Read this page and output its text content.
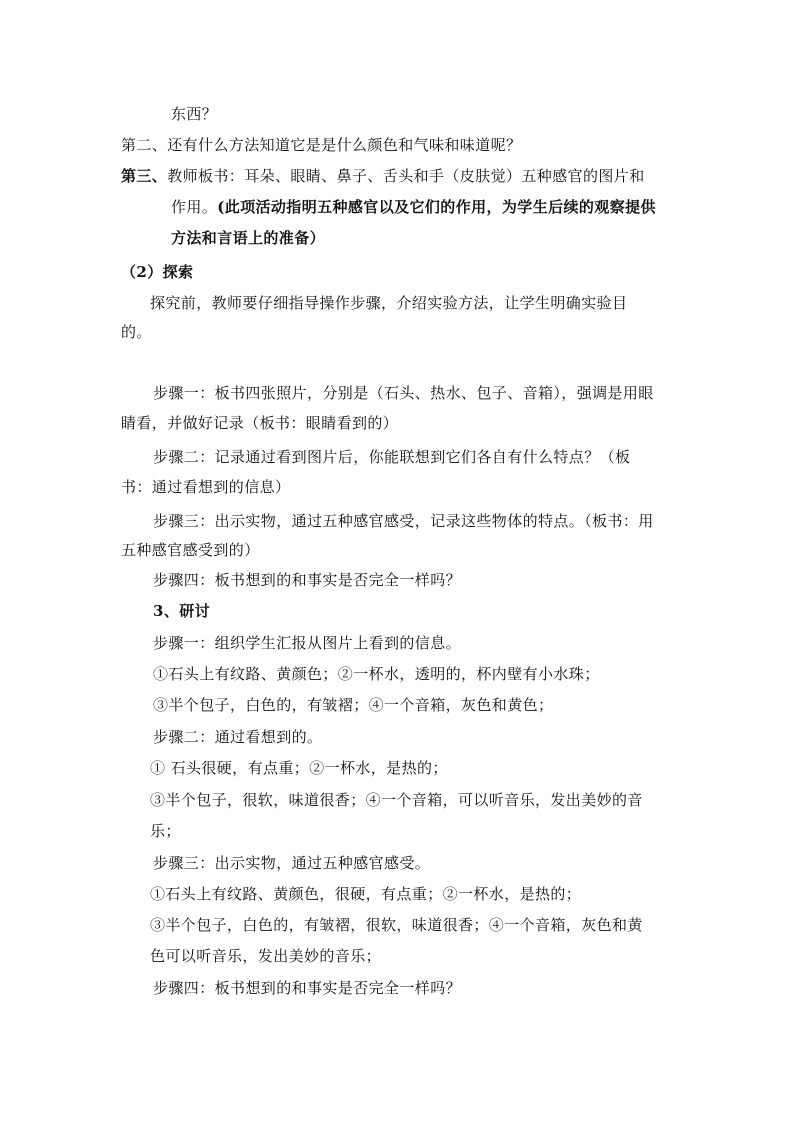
东西？
第二、还有什么方法知道它是是什么颜色和气味和味道呢？
第三、教师板书：耳朵、眼睛、鼻子、舌头和手（皮肤觉）五种感官的图片和
作用。(此项活动指明五种感官以及它们的作用，为学生后续的观察提供
方法和言语上的准备）
（2）探索
探究前，教师要仔细指导操作步骤，介绍实验方法，让学生明确实验目
的。
步骤一：板书四张照片，分别是（石头、热水、包子、音箱），强调是用眼
睛看，并做好记录（板书：眼睛看到的）
步骤二：记录通过看到图片后，你能联想到它们各自有什么特点？（板
书：通过看想到的信息）
步骤三：出示实物，通过五种感官感受，记录这些物体的特点。（板书：用
五种感官感受到的）
步骤四：板书想到的和事实是否完全一样吗？
3、研讨
步骤一：组织学生汇报从图片上看到的信息。
①石头上有纹路、黄颜色；②一杯水，透明的，杯内壁有小水珠；
③半个包子，白色的，有皱褶；④一个音箱，灰色和黄色；
步骤二：通过看想到的。
① 石头很硬，有点重；②一杯水，是热的；
③半个包子，很软，味道很香；④一个音箱，可以听音乐，发出美妙的音
乐；
步骤三：出示实物，通过五种感官感受。
①石头上有纹路、黄颜色，很硬，有点重；②一杯水，是热的；
③半个包子，白色的，有皱褶，很软，味道很香；④一个音箱，灰色和黄
色可以听音乐，发出美妙的音乐；
步骤四：板书想到的和事实是否完全一样吗？
